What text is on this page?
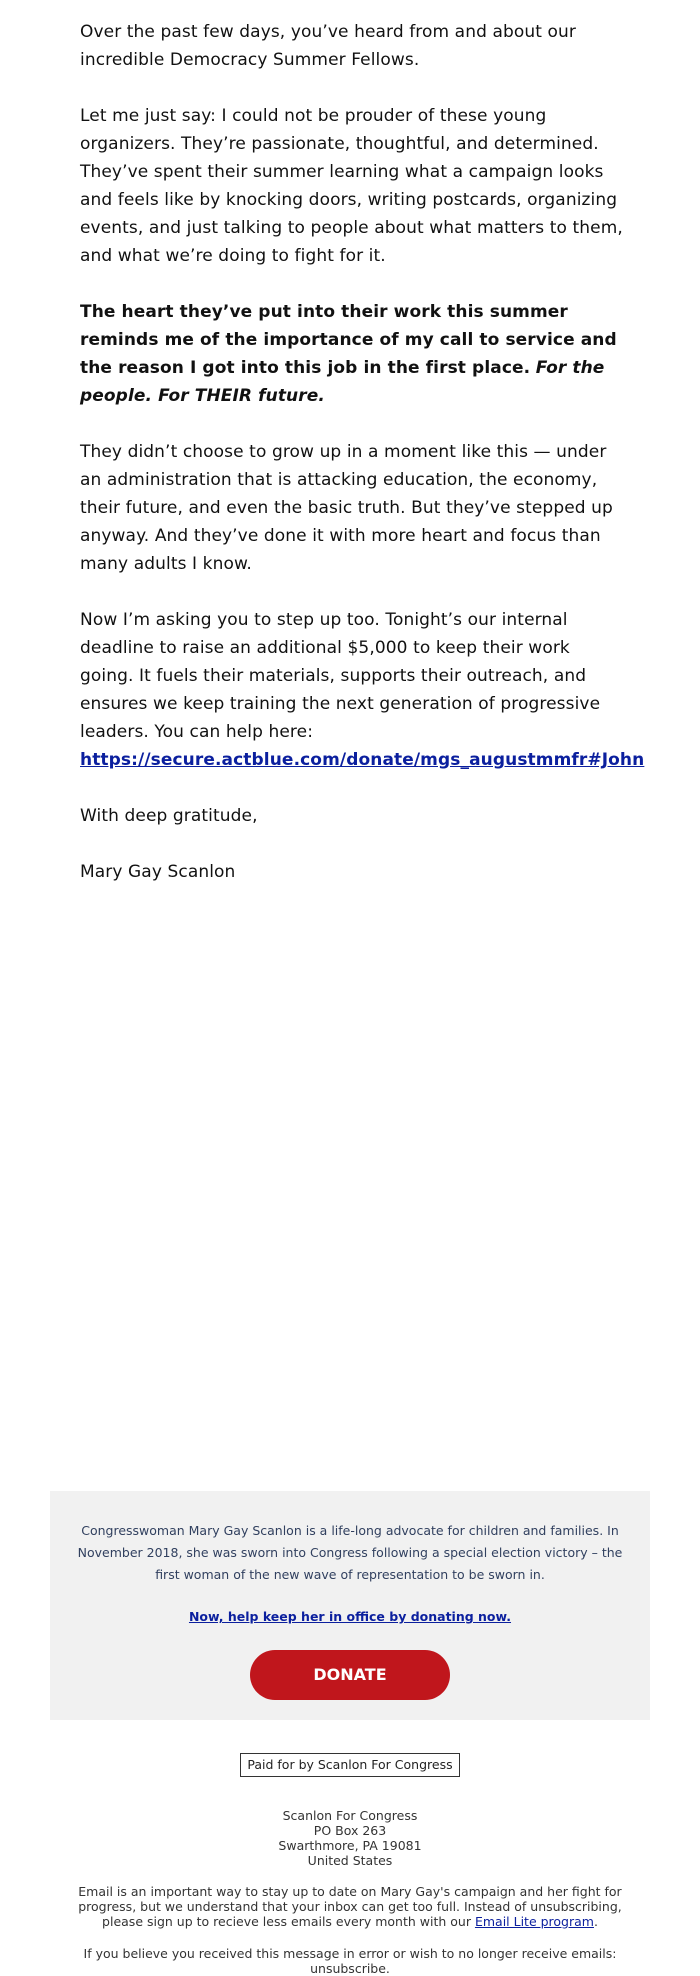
Over the past few days, you’ve heard from and about our incredible Democracy Summer Fellows.

Let me just say: I could not be prouder of these young organizers. They’re passionate, thoughtful, and determined. They’ve spent their summer learning what a campaign looks and feels like by knocking doors, writing postcards, organizing events, and just talking to people about what matters to them, and what we’re doing to fight for it.

The heart they’ve put into their work this summer reminds me of the importance of my call to service and the reason I got into this job in the first place. For the people. For THEIR future.

They didn’t choose to grow up in a moment like this — under an administration that is attacking education, the economy, their future, and even the basic truth. But they’ve stepped up anyway. And they’ve done it with more heart and focus than many adults I know.

Now I’m asking you to step up too. Tonight’s our internal deadline to raise an additional $5,000 to keep their work going. It fuels their materials, supports their outreach, and ensures we keep training the next generation of progressive leaders. You can help here:
https://secure.actblue.com/donate/mgs_augustmmfr#John

With deep gratitude,

Mary Gay Scanlon

Congresswoman Mary Gay Scanlon is a life-long advocate for children and families. In November 2018, she was sworn into Congress following a special election victory – the first woman of the new wave of representation to be sworn in.
Now, help keep her in office by donating now.
DONATE
Paid for by Scanlon For Congress
Scanlon For Congress
PO Box 263
Swarthmore, PA 19081
United States
Email is an important way to stay up to date on Mary Gay's campaign and her fight for progress, but we understand that your inbox can get too full. Instead of unsubscribing, please sign up to recieve less emails every month with our Email Lite program.
If you believe you received this message in error or wish to no longer receive emails: unsubscribe.
